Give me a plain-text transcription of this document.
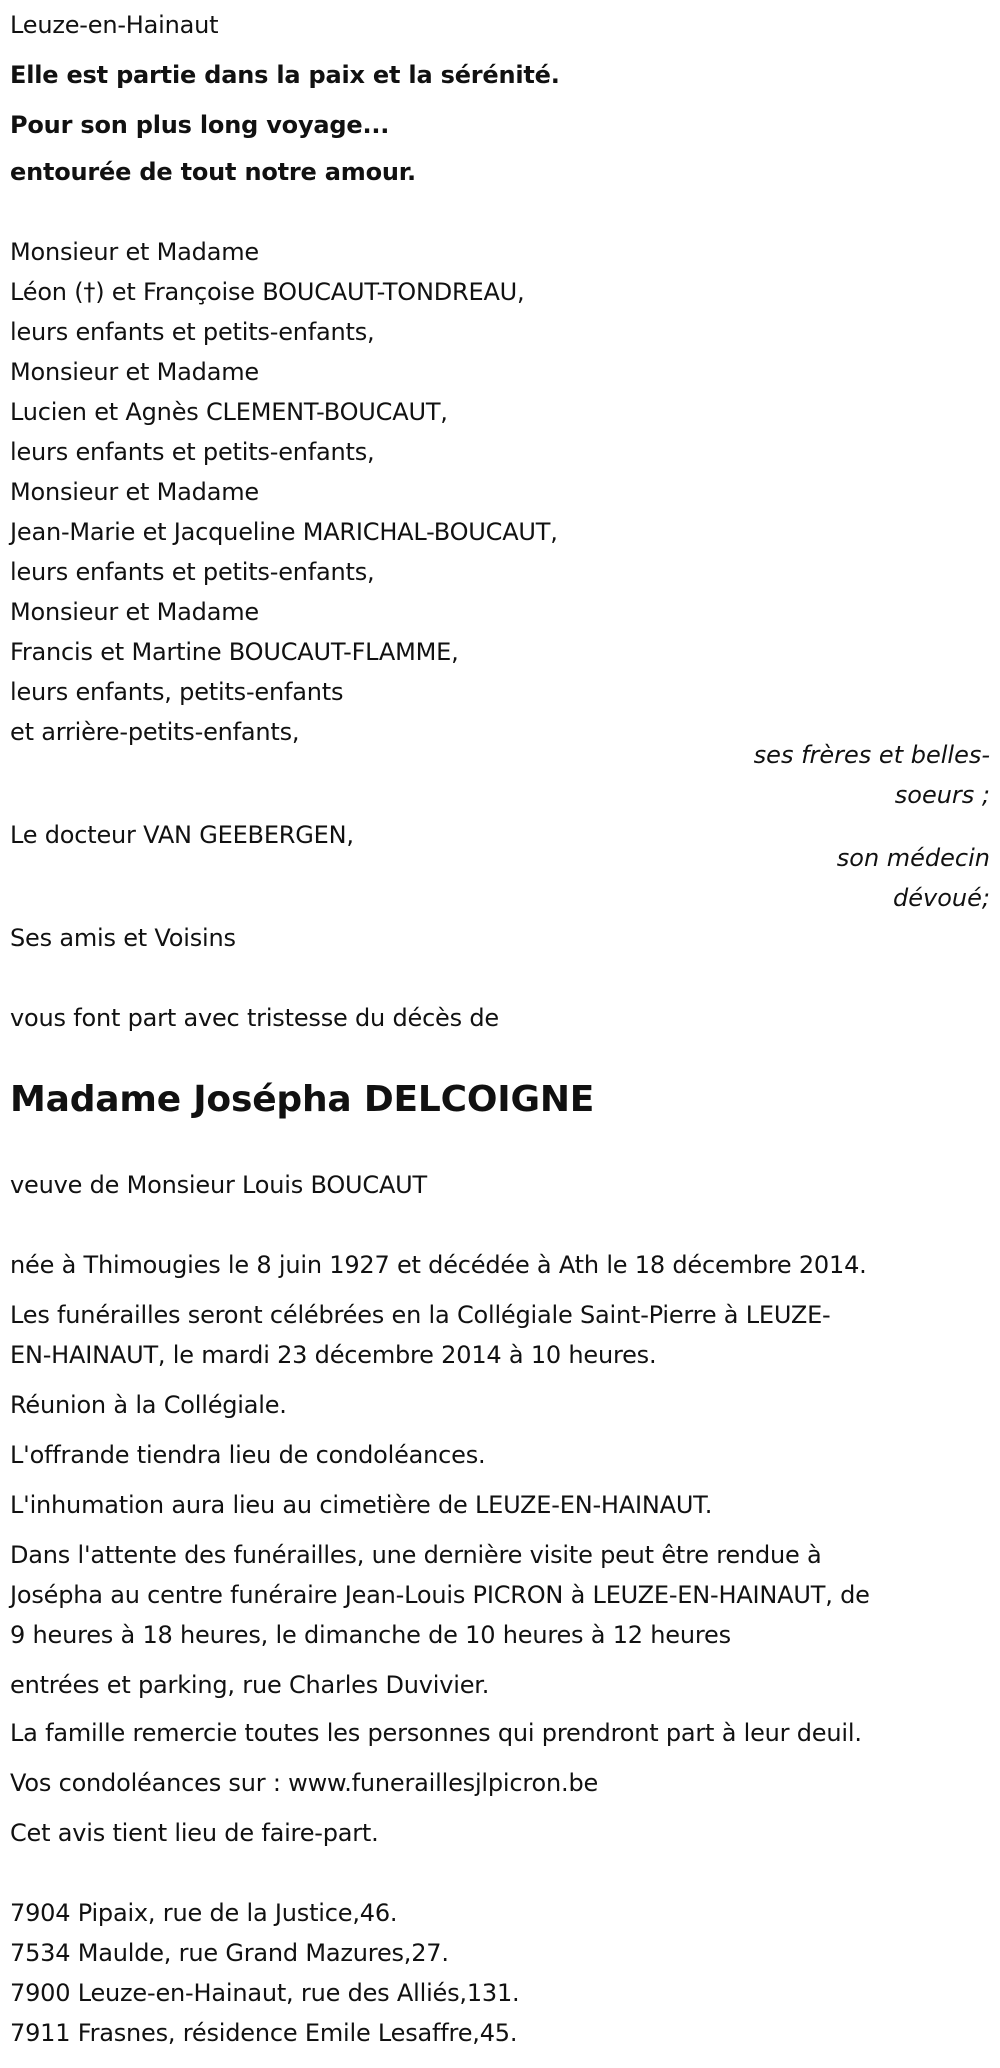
Leuze-en-Hainaut
Elle est partie dans la paix et la sérénité.
Pour son plus long voyage...
entourée de tout notre amour.
Monsieur et Madame
Léon (†) et Françoise BOUCAUT-TONDREAU,
leurs enfants et petits-enfants,
Monsieur et Madame
Lucien et Agnès CLEMENT-BOUCAUT,
leurs enfants et petits-enfants,
Monsieur et Madame
Jean-Marie et Jacqueline MARICHAL-BOUCAUT,
leurs enfants et petits-enfants,
Monsieur et Madame
Francis et Martine BOUCAUT-FLAMME,
leurs enfants, petits-enfants
et arrière-petits-enfants,
ses frères et belles-
soeurs ;
Le docteur VAN GEEBERGEN,
son médecin
dévoué;
Ses amis et Voisins
vous font part avec tristesse du décès de
Madame Josépha DELCOIGNE
veuve de Monsieur Louis BOUCAUT
née à Thimougies le 8 juin 1927 et décédée à Ath le 18 décembre 2014.
Les funérailles seront célébrées en la Collégiale Saint-Pierre à LEUZE-
EN-HAINAUT, le mardi 23 décembre 2014 à 10 heures.
Réunion à la Collégiale.
L'offrande tiendra lieu de condoléances.
L'inhumation aura lieu au cimetière de LEUZE-EN-HAINAUT.
Dans l'attente des funérailles, une dernière visite peut être rendue à
Josépha au centre funéraire Jean-Louis PICRON à LEUZE-EN-HAINAUT, de
9 heures à 18 heures, le dimanche de 10 heures à 12 heures
entrées et parking, rue Charles Duvivier.
La famille remercie toutes les personnes qui prendront part à leur deuil.
Vos condoléances sur : www.funeraillesjlpicron.be
Cet avis tient lieu de faire-part.
7904 Pipaix, rue de la Justice,46.
7534 Maulde, rue Grand Mazures,27.
7900 Leuze-en-Hainaut, rue des Alliés,131.
7911 Frasnes, résidence Emile Lesaffre,45.
